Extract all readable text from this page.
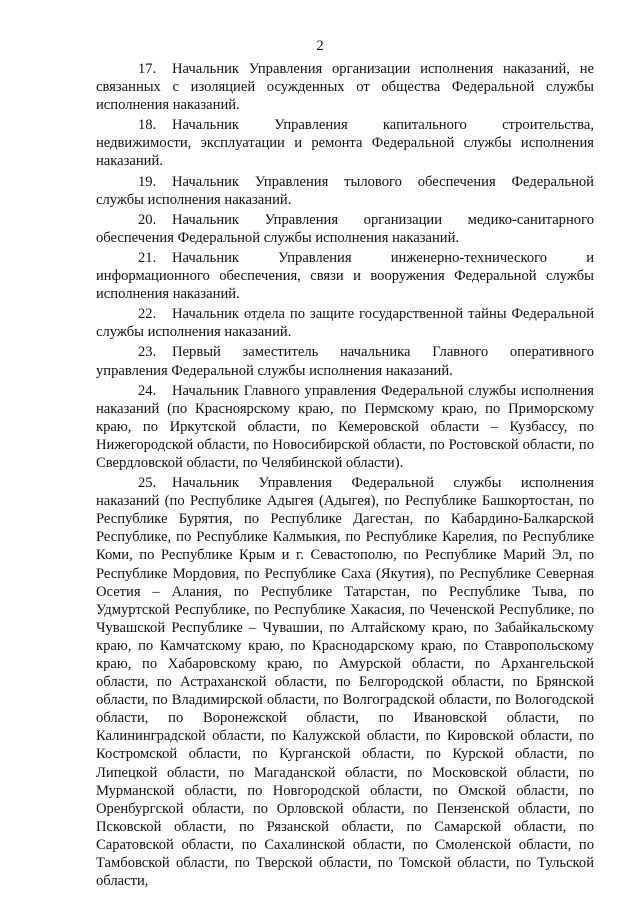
2

17. Начальник Управления организации исполнения наказаний, не связанных с изоляцией осужденных от общества Федеральной службы исполнения наказаний.

18. Начальник Управления капитального строительства, недвижимости, эксплуатации и ремонта Федеральной службы исполнения наказаний.

19. Начальник Управления тылового обеспечения Федеральной службы исполнения наказаний.

20. Начальник Управления организации медико-санитарного обеспечения Федеральной службы исполнения наказаний.

21. Начальник Управления инженерно-технического и информационного обеспечения, связи и вооружения Федеральной службы исполнения наказаний.

22. Начальник отдела по защите государственной тайны Федеральной службы исполнения наказаний.

23. Первый заместитель начальника Главного оперативного управления Федеральной службы исполнения наказаний.

24. Начальник Главного управления Федеральной службы исполнения наказаний (по Красноярскому краю, по Пермскому краю, по Приморскому краю, по Иркутской области, по Кемеровской области – Кузбассу, по Нижегородской области, по Новосибирской области, по Ростовской области, по Свердловской области, по Челябинской области).

25. Начальник Управления Федеральной службы исполнения наказаний (по Республике Адыгея (Адыгея), по Республике Башкортостан, по Республике Бурятия, по Республике Дагестан, по Кабардино-Балкарской Республике, по Республике Калмыкия, по Республике Карелия, по Республике Коми, по Республике Крым и г. Севастополю, по Республике Марий Эл, по Республике Мордовия, по Республике Саха (Якутия), по Республике Северная Осетия – Алания, по Республике Татарстан, по Республике Тыва, по Удмуртской Республике, по Республике Хакасия, по Чеченской Республике, по Чувашской Республике – Чувашии, по Алтайскому краю, по Забайкальскому краю, по Камчатскому краю, по Краснодарскому краю, по Ставропольскому краю, по Хабаровскому краю, по Амурской области, по Архангельской области, по Астраханской области, по Белгородской области, по Брянской области, по Владимирской области, по Волгоградской области, по Вологодской области, по Воронежской области, по Ивановской области, по Калининградской области, по Калужской области, по Кировской области, по Костромской области, по Курганской области, по Курской области, по Липецкой области, по Магаданской области, по Московской области, по Мурманской области, по Новгородской области, по Омской области, по Оренбургской области, по Орловской области, по Пензенской области, по Псковской области, по Рязанской области, по Самарской области, по Саратовской области, по Сахалинской области, по Смоленской области, по Тамбовской области, по Тверской области, по Томской области, по Тульской области,
